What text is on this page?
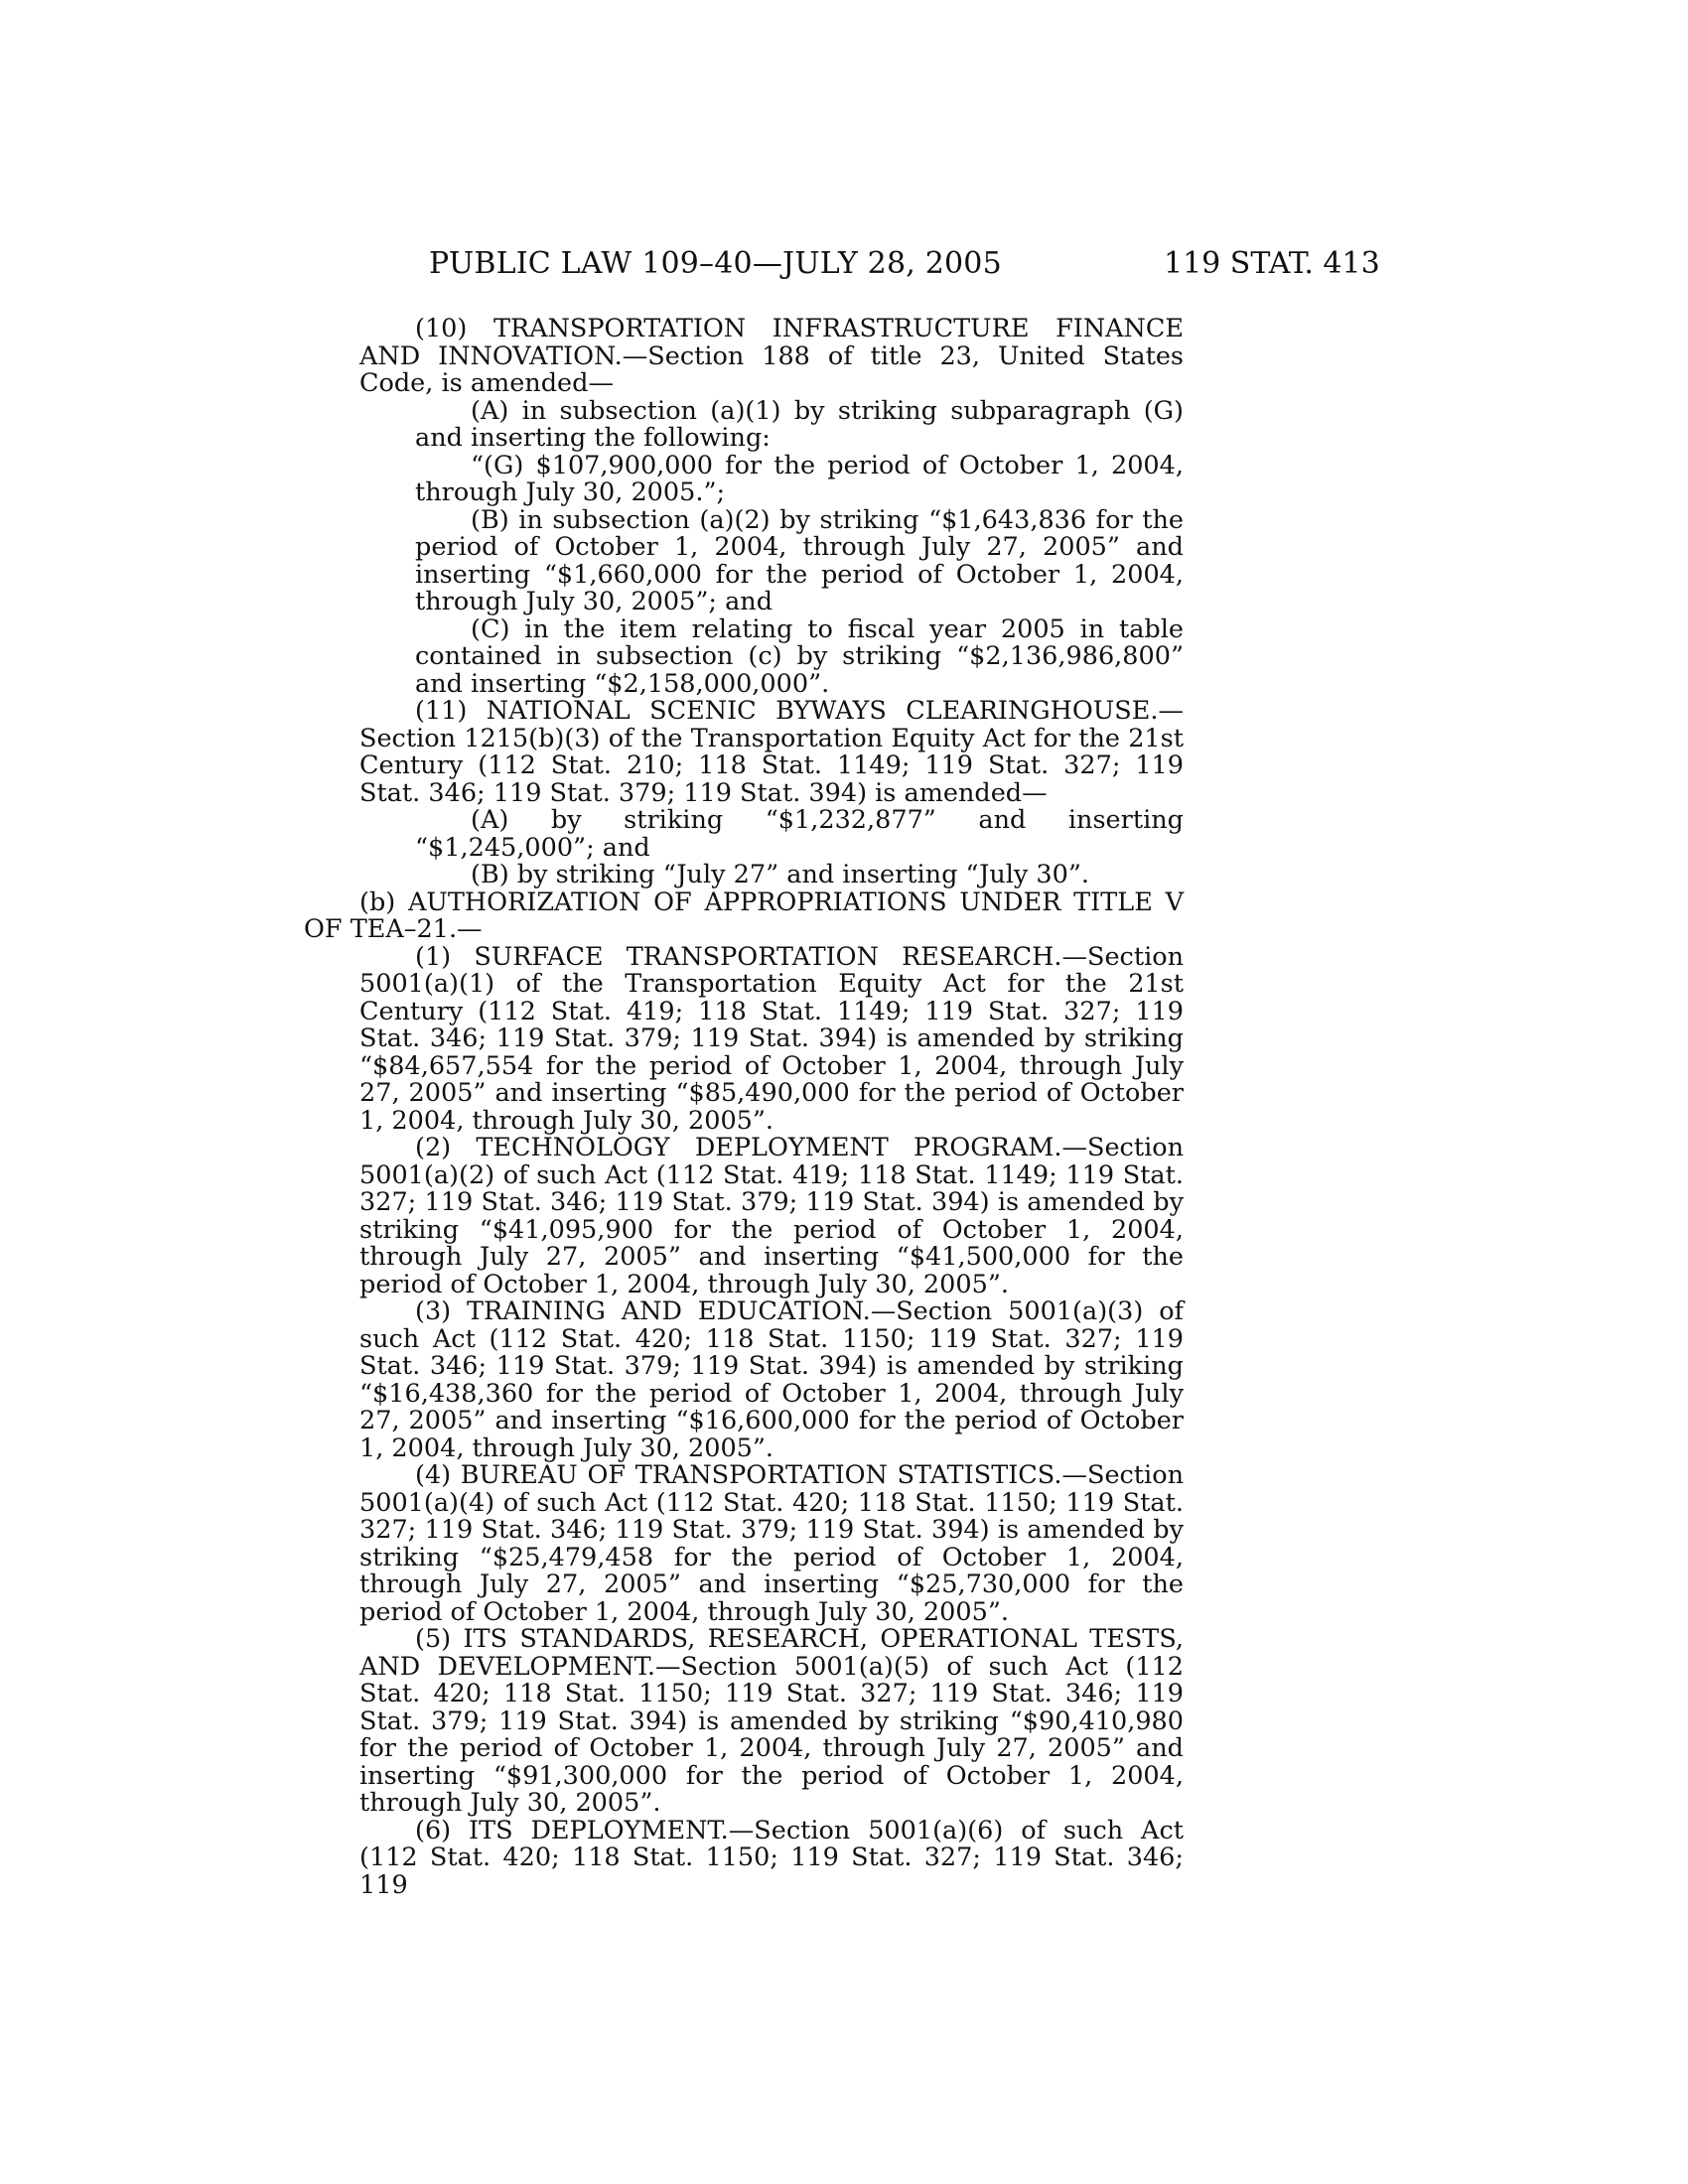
PUBLIC LAW 109–40—JULY 28, 2005	119 STAT. 413

(10) TRANSPORTATION INFRASTRUCTURE FINANCE AND INNOVATION.—Section 188 of title 23, United States Code, is amended—

(A) in subsection (a)(1) by striking subparagraph (G) and inserting the following:

“(G) $107,900,000 for the period of October 1, 2004, through July 30, 2005.”;

(B) in subsection (a)(2) by striking “$1,643,836 for the period of October 1, 2004, through July 27, 2005” and inserting “$1,660,000 for the period of October 1, 2004, through July 30, 2005”; and

(C) in the item relating to fiscal year 2005 in table contained in subsection (c) by striking “$2,136,986,800” and inserting “$2,158,000,000”.

(11) NATIONAL SCENIC BYWAYS CLEARINGHOUSE.—Section 1215(b)(3) of the Transportation Equity Act for the 21st Century (112 Stat. 210; 118 Stat. 1149; 119 Stat. 327; 119 Stat. 346; 119 Stat. 379; 119 Stat. 394) is amended—

(A) by striking “$1,232,877” and inserting “$1,245,000”; and

(B) by striking “July 27” and inserting “July 30”.

(b) AUTHORIZATION OF APPROPRIATIONS UNDER TITLE V OF TEA–21.—

(1) SURFACE TRANSPORTATION RESEARCH.—Section 5001(a)(1) of the Transportation Equity Act for the 21st Century (112 Stat. 419; 118 Stat. 1149; 119 Stat. 327; 119 Stat. 346; 119 Stat. 379; 119 Stat. 394) is amended by striking “$84,657,554 for the period of October 1, 2004, through July 27, 2005” and inserting “$85,490,000 for the period of October 1, 2004, through July 30, 2005”.

(2) TECHNOLOGY DEPLOYMENT PROGRAM.—Section 5001(a)(2) of such Act (112 Stat. 419; 118 Stat. 1149; 119 Stat. 327; 119 Stat. 346; 119 Stat. 379; 119 Stat. 394) is amended by striking “$41,095,900 for the period of October 1, 2004, through July 27, 2005” and inserting “$41,500,000 for the period of October 1, 2004, through July 30, 2005”.

(3) TRAINING AND EDUCATION.—Section 5001(a)(3) of such Act (112 Stat. 420; 118 Stat. 1150; 119 Stat. 327; 119 Stat. 346; 119 Stat. 379; 119 Stat. 394) is amended by striking “$16,438,360 for the period of October 1, 2004, through July 27, 2005” and inserting “$16,600,000 for the period of October 1, 2004, through July 30, 2005”.

(4) BUREAU OF TRANSPORTATION STATISTICS.—Section 5001(a)(4) of such Act (112 Stat. 420; 118 Stat. 1150; 119 Stat. 327; 119 Stat. 346; 119 Stat. 379; 119 Stat. 394) is amended by striking “$25,479,458 for the period of October 1, 2004, through July 27, 2005” and inserting “$25,730,000 for the period of October 1, 2004, through July 30, 2005”.

(5) ITS STANDARDS, RESEARCH, OPERATIONAL TESTS, AND DEVELOPMENT.—Section 5001(a)(5) of such Act (112 Stat. 420; 118 Stat. 1150; 119 Stat. 327; 119 Stat. 346; 119 Stat. 379; 119 Stat. 394) is amended by striking “$90,410,980 for the period of October 1, 2004, through July 27, 2005” and inserting “$91,300,000 for the period of October 1, 2004, through July 30, 2005”.

(6) ITS DEPLOYMENT.—Section 5001(a)(6) of such Act (112 Stat. 420; 118 Stat. 1150; 119 Stat. 327; 119 Stat. 346; 119
